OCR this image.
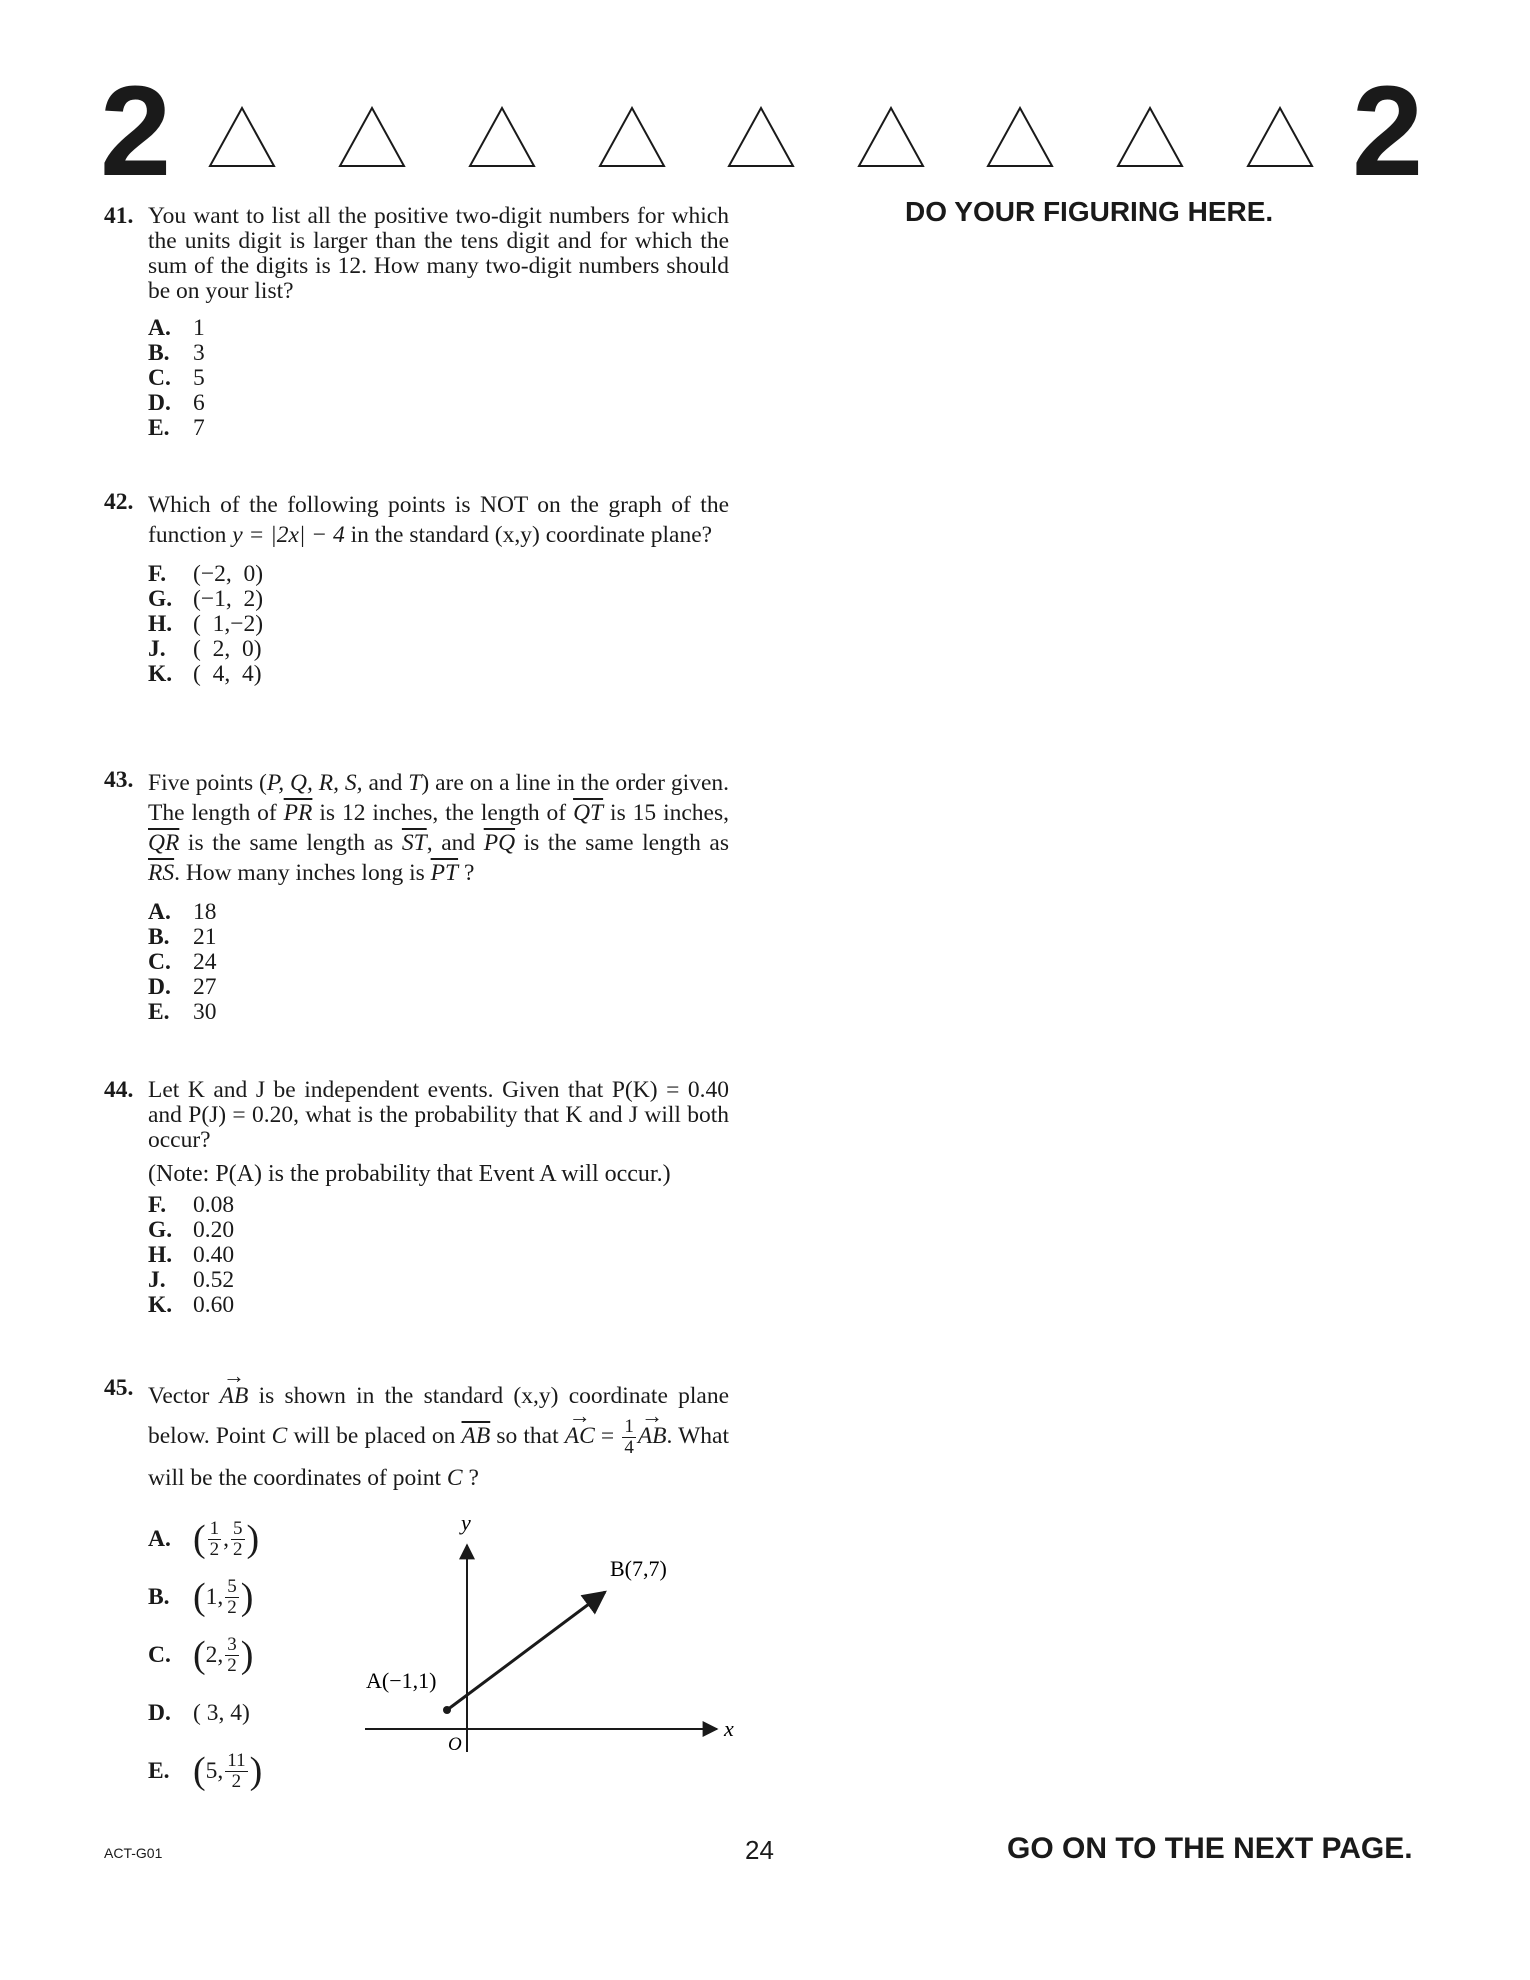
2	2
DO YOUR FIGURING HERE.
41. You want to list all the positive two-digit numbers for which the units digit is larger than the tens digit and for which the sum of the digits is 12. How many two-digit numbers should be on your list?
A. 1
B. 3
C. 5
D. 6
E. 7
42. Which of the following points is NOT on the graph of the function y = |2x| − 4 in the standard (x,y) coordinate plane?
F.	(−2,  0)
G. (−1,  2)
H. (  1,−2)
J.	(  2,  0)
K. (  4,  4)
43. Five points (P, Q, R, S, and T) are on a line in the order given. The length of $\overline{PR}$ is 12 inches, the length of $\overline{QT}$ is 15 inches, $\overline{QR}$ is the same length as $\overline{ST}$, and $\overline{PQ}$ is the same length as $\overline{RS}$. How many inches long is $\overline{PT}$ ?
A. 18
B. 21
C. 24
D. 27
E. 30
44. Let K and J be independent events. Given that P(K) = 0.40 and P(J) = 0.20, what is the probability that K and J will both occur?
(Note: P(A) is the probability that Event A will occur.)
F.	0.08
G. 0.20
H. 0.40
J.	0.52
K. 0.60
45. Vector → AB is shown in the standard (x,y) coordinate plane below. Point C will be placed on $\overline{AB}$ so that → AC = $\frac{1}{4}$ → AB. What will be the coordinates of point C ?
A. ( $\frac{1}{2}$ , $\frac{5}{2}$ )
B. ( 1, $\frac{5}{2}$ )
C. ( 2, $\frac{3}{2}$ )
D. ( 3, 4)
E. ( 5, $\frac{11}{2}$ )
y
x
O
A(−1,1)
B(7,7)
ACT-G01	24	GO ON TO THE NEXT PAGE.
